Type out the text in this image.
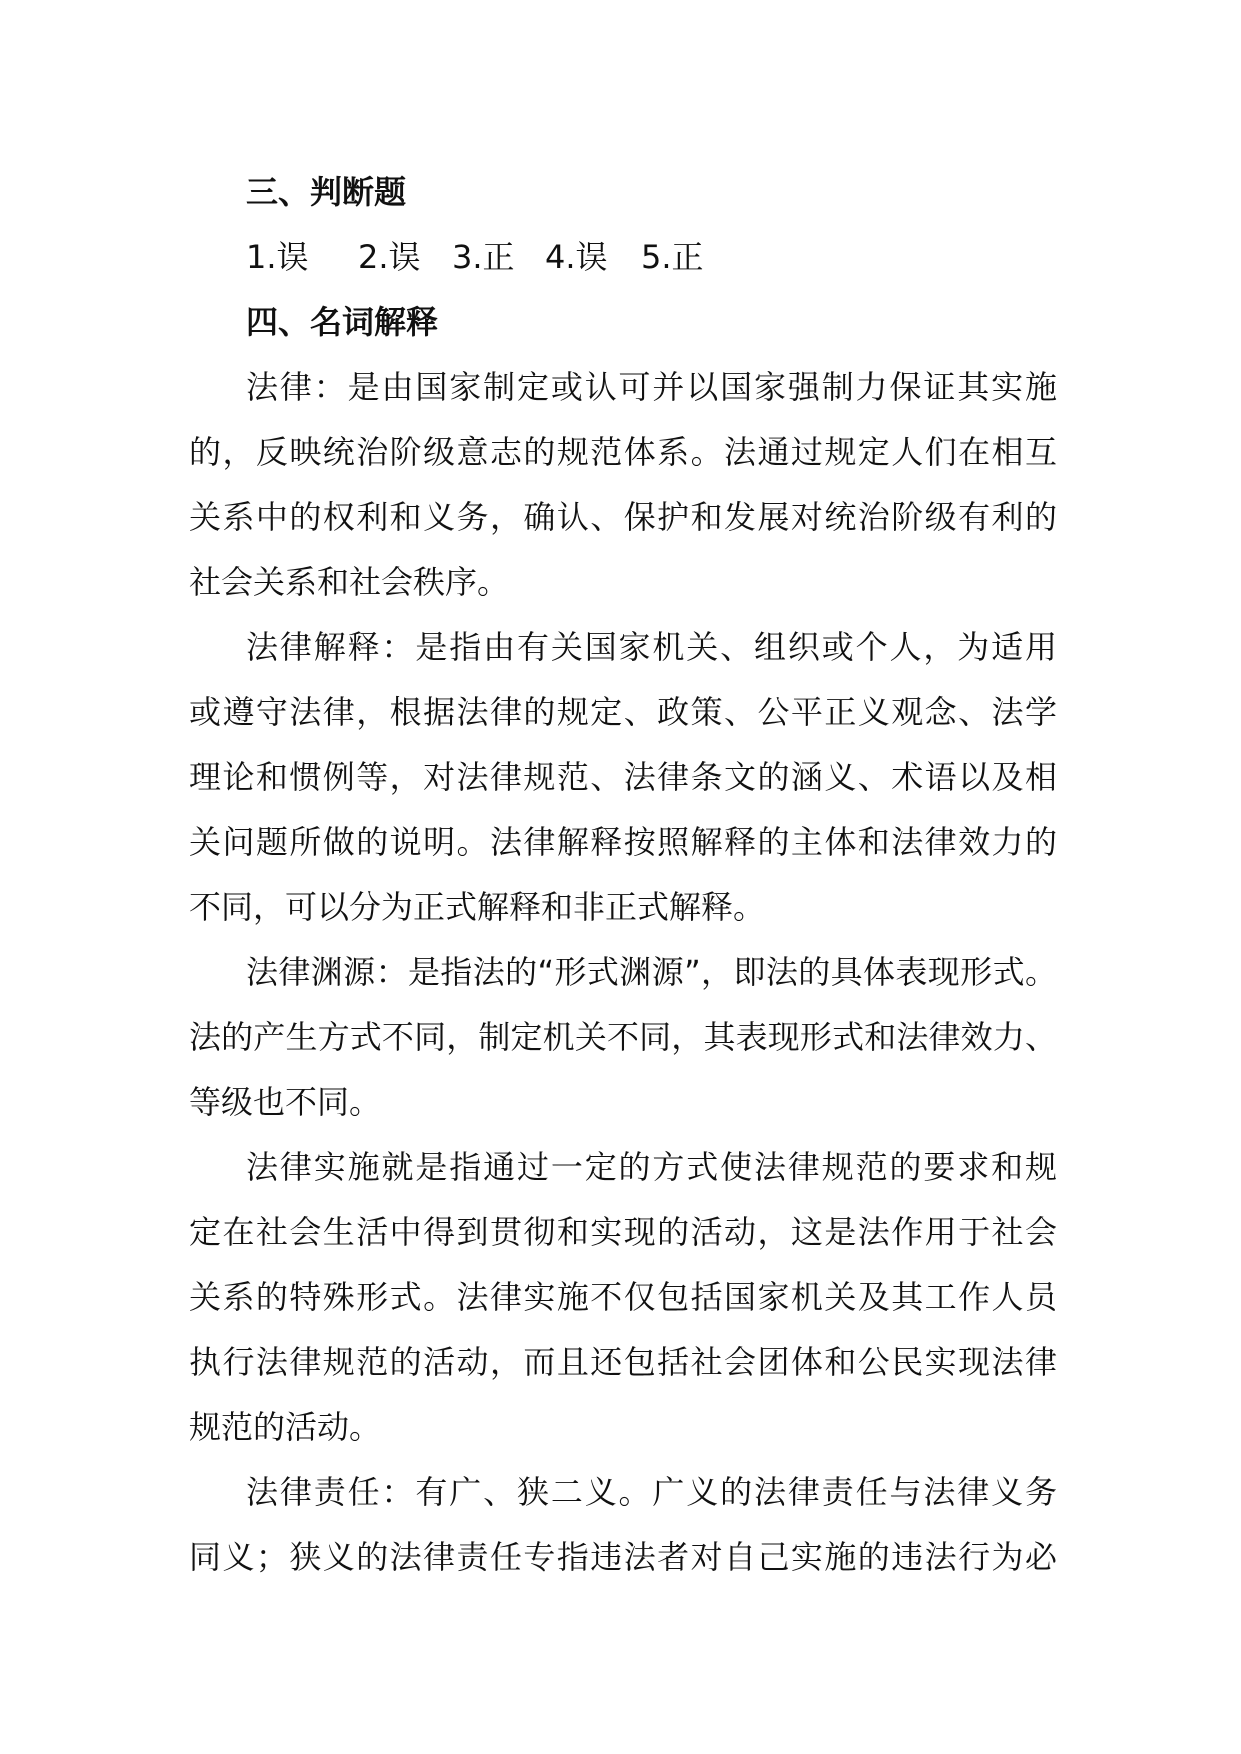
三、判断题
1.误 2.误 3.正 4.误 5.正
四、名词解释
法律：是由国家制定或认可并以国家强制力保证其实施
的，反映统治阶级意志的规范体系。法通过规定人们在相互
关系中的权利和义务，确认、保护和发展对统治阶级有利的
社会关系和社会秩序。
法律解释：是指由有关国家机关、组织或个人，为适用
或遵守法律，根据法律的规定、政策、公平正义观念、法学
理论和惯例等，对法律规范、法律条文的涵义、术语以及相
关问题所做的说明。法律解释按照解释的主体和法律效力的
不同，可以分为正式解释和非正式解释。
法律渊源：是指法的“形式渊源”，即法的具体表现形式。
法的产生方式不同，制定机关不同，其表现形式和法律效力、
等级也不同。
法律实施就是指通过一定的方式使法律规范的要求和规
定在社会生活中得到贯彻和实现的活动，这是法作用于社会
关系的特殊形式。法律实施不仅包括国家机关及其工作人员
执行法律规范的活动，而且还包括社会团体和公民实现法律
规范的活动。
法律责任：有广、狭二义。广义的法律责任与法律义务
同义；狭义的法律责任专指违法者对自己实施的违法行为必
